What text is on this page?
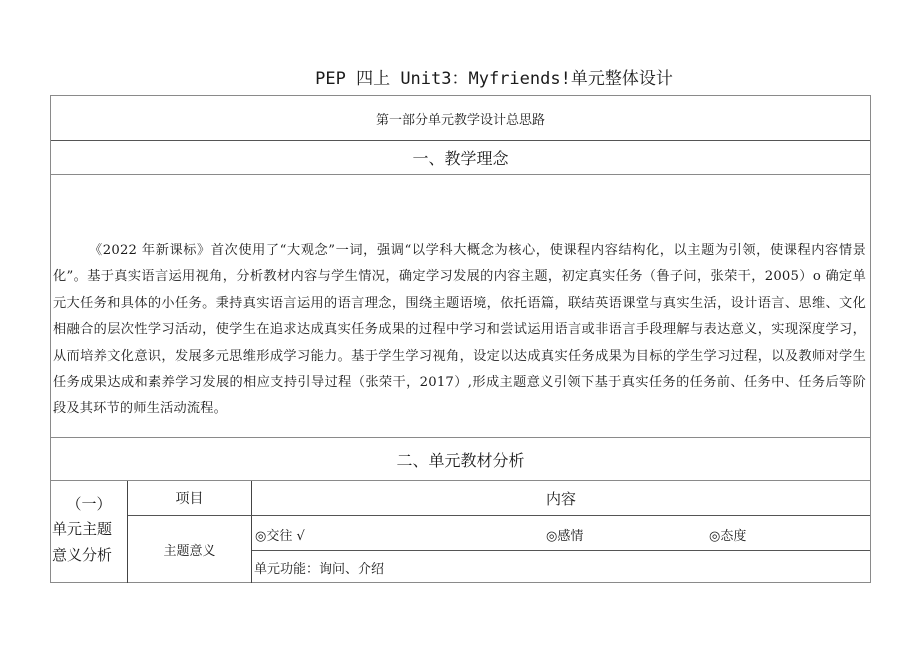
PEP 四上 Unit3：Myfriends!单元整体设计
第一部分单元教学设计总思路
一、教学理念
《2022 年新课标》首次使用了“大观念”一词，强调“以学科大概念为核心，使课程内容结构化，以主题为引领，使课程内容情景化”。基于真实语言运用视角，分析教材内容与学生情况，确定学习发展的内容主题，初定真实任务（鲁子问，张荣干，2005）o 确定单元大任务和具体的小任务。秉持真实语言运用的语言理念，围绕主题语境，依托语篇，联结英语课堂与真实生活，设计语言、思维、文化相融合的层次性学习活动，使学生在追求达成真实任务成果的过程中学习和尝试运用语言或非语言手段理解与表达意义，实现深度学习，从而培养文化意识，发展多元思维形成学习能力。基于学生学习视角，设定以达成真实任务成果为目标的学生学习过程，以及教师对学生任务成果达成和素养学习发展的相应支持引导过程（张荣干，2017）,形成主题意义引领下基于真实任务的任务前、任务中、任务后等阶段及其环节的师生活动流程。
二、单元教材分析
（一）
单元主题
意义分析
项目
主题意义
内容
◎交往 √	◎感情	◎态度
单元功能：询问、介绍
